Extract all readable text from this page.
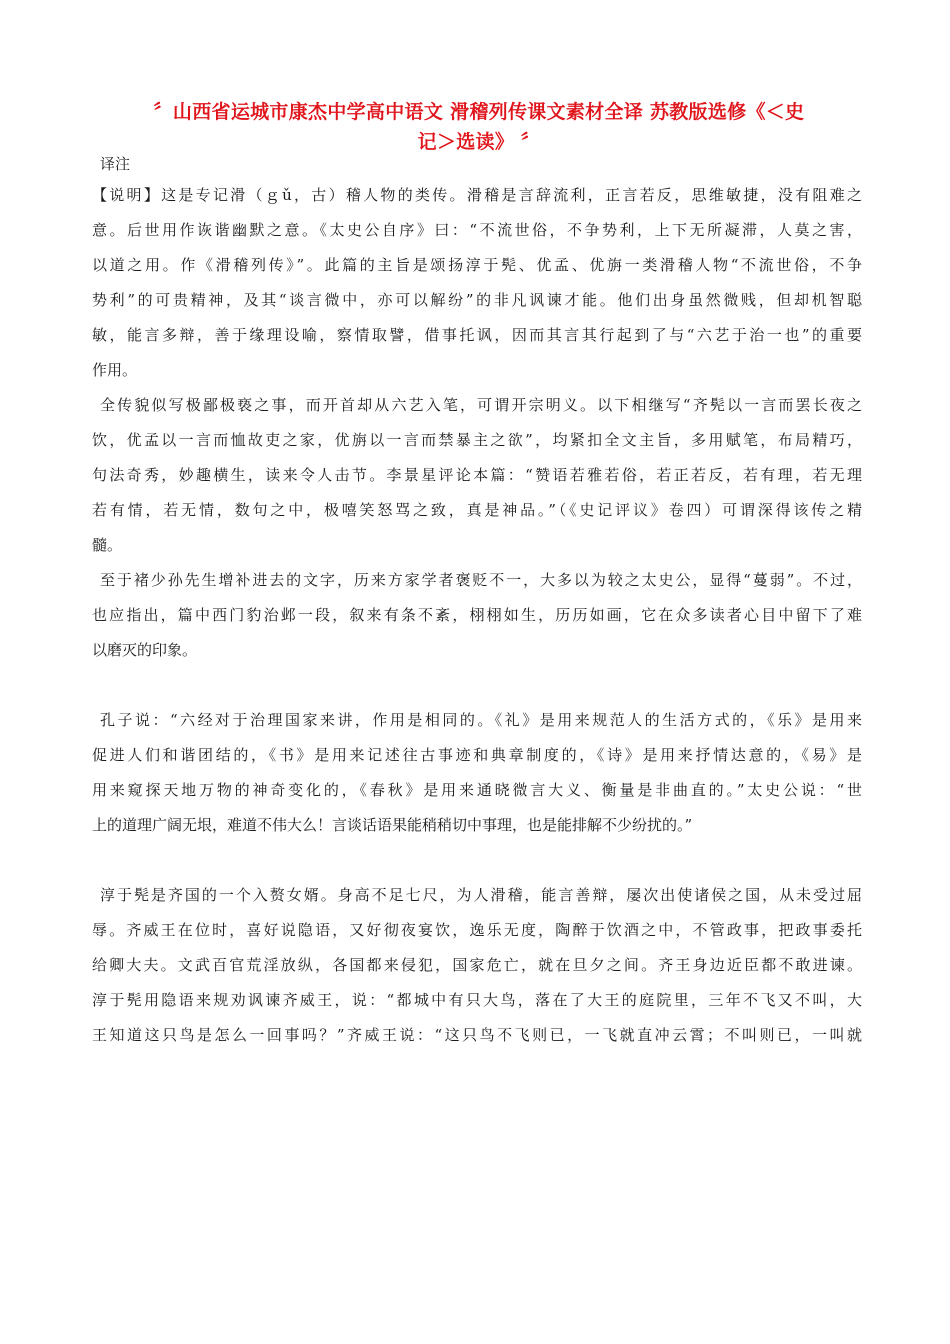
〞山西省运城市康杰中学高中语文 滑稽列传课文素材全译 苏教版选修《＜史
记＞选读》 〞
译注
【说明】这是专记滑（ｇǔ，古）稽人物的类传。滑稽是言辞流利，正言若反，思维敏捷，没有阻难之
意。后世用作诙谐幽默之意。《太史公自序》曰：“不流世俗，不争势利，上下无所凝滞，人莫之害，
以道之用。作《滑稽列传》”。此篇的主旨是颂扬淳于髡、优孟、优旃一类滑稽人物“不流世俗，不争
势利”的可贵精神，及其“谈言微中，亦可以解纷”的非凡讽谏才能。他们出身虽然微贱，但却机智聪
敏，能言多辩，善于缘理设喻，察情取譬，借事托讽，因而其言其行起到了与“六艺于治一也”的重要
作用。
全传貌似写极鄙极亵之事，而开首却从六艺入笔，可谓开宗明义。以下相继写“齐髡以一言而罢长夜之
饮，优孟以一言而恤故吏之家，优旃以一言而禁暴主之欲”，均紧扣全文主旨，多用赋笔，布局精巧，
句法奇秀，妙趣横生，读来令人击节。李景星评论本篇：“赞语若雅若俗，若正若反，若有理，若无理
若有情，若无情，数句之中，极嘻笑怒骂之致，真是神品。”（《史记评议》卷四）可谓深得该传之精
髓。
至于褚少孙先生增补进去的文字，历来方家学者褒贬不一，大多以为较之太史公，显得“蔓弱”。不过，
也应指出，篇中西门豹治邺一段，叙来有条不紊，栩栩如生，历历如画，它在众多读者心目中留下了难
以磨灭的印象。
孔子说：“六经对于治理国家来讲，作用是相同的。《礼》是用来规范人的生活方式的，《乐》是用来
促进人们和谐团结的，《书》是用来记述往古事迹和典章制度的，《诗》是用来抒情达意的，《易》是
用来窥探天地万物的神奇变化的，《春秋》是用来通晓微言大义、衡量是非曲直的。”太史公说：“世
上的道理广阔无垠，难道不伟大么！言谈话语果能稍稍切中事理，也是能排解不少纷扰的。”
淳于髡是齐国的一个入赘女婿。身高不足七尺，为人滑稽，能言善辩，屡次出使诸侯之国，从未受过屈
辱。齐威王在位时，喜好说隐语，又好彻夜宴饮，逸乐无度，陶醉于饮酒之中，不管政事，把政事委托
给卿大夫。文武百官荒淫放纵，各国都来侵犯，国家危亡，就在旦夕之间。齐王身边近臣都不敢进谏。
淳于髡用隐语来规劝讽谏齐威王，说：“都城中有只大鸟，落在了大王的庭院里，三年不飞又不叫，大
王知道这只鸟是怎么一回事吗？”齐威王说：“这只鸟不飞则已，一飞就直冲云霄；不叫则已，一叫就
